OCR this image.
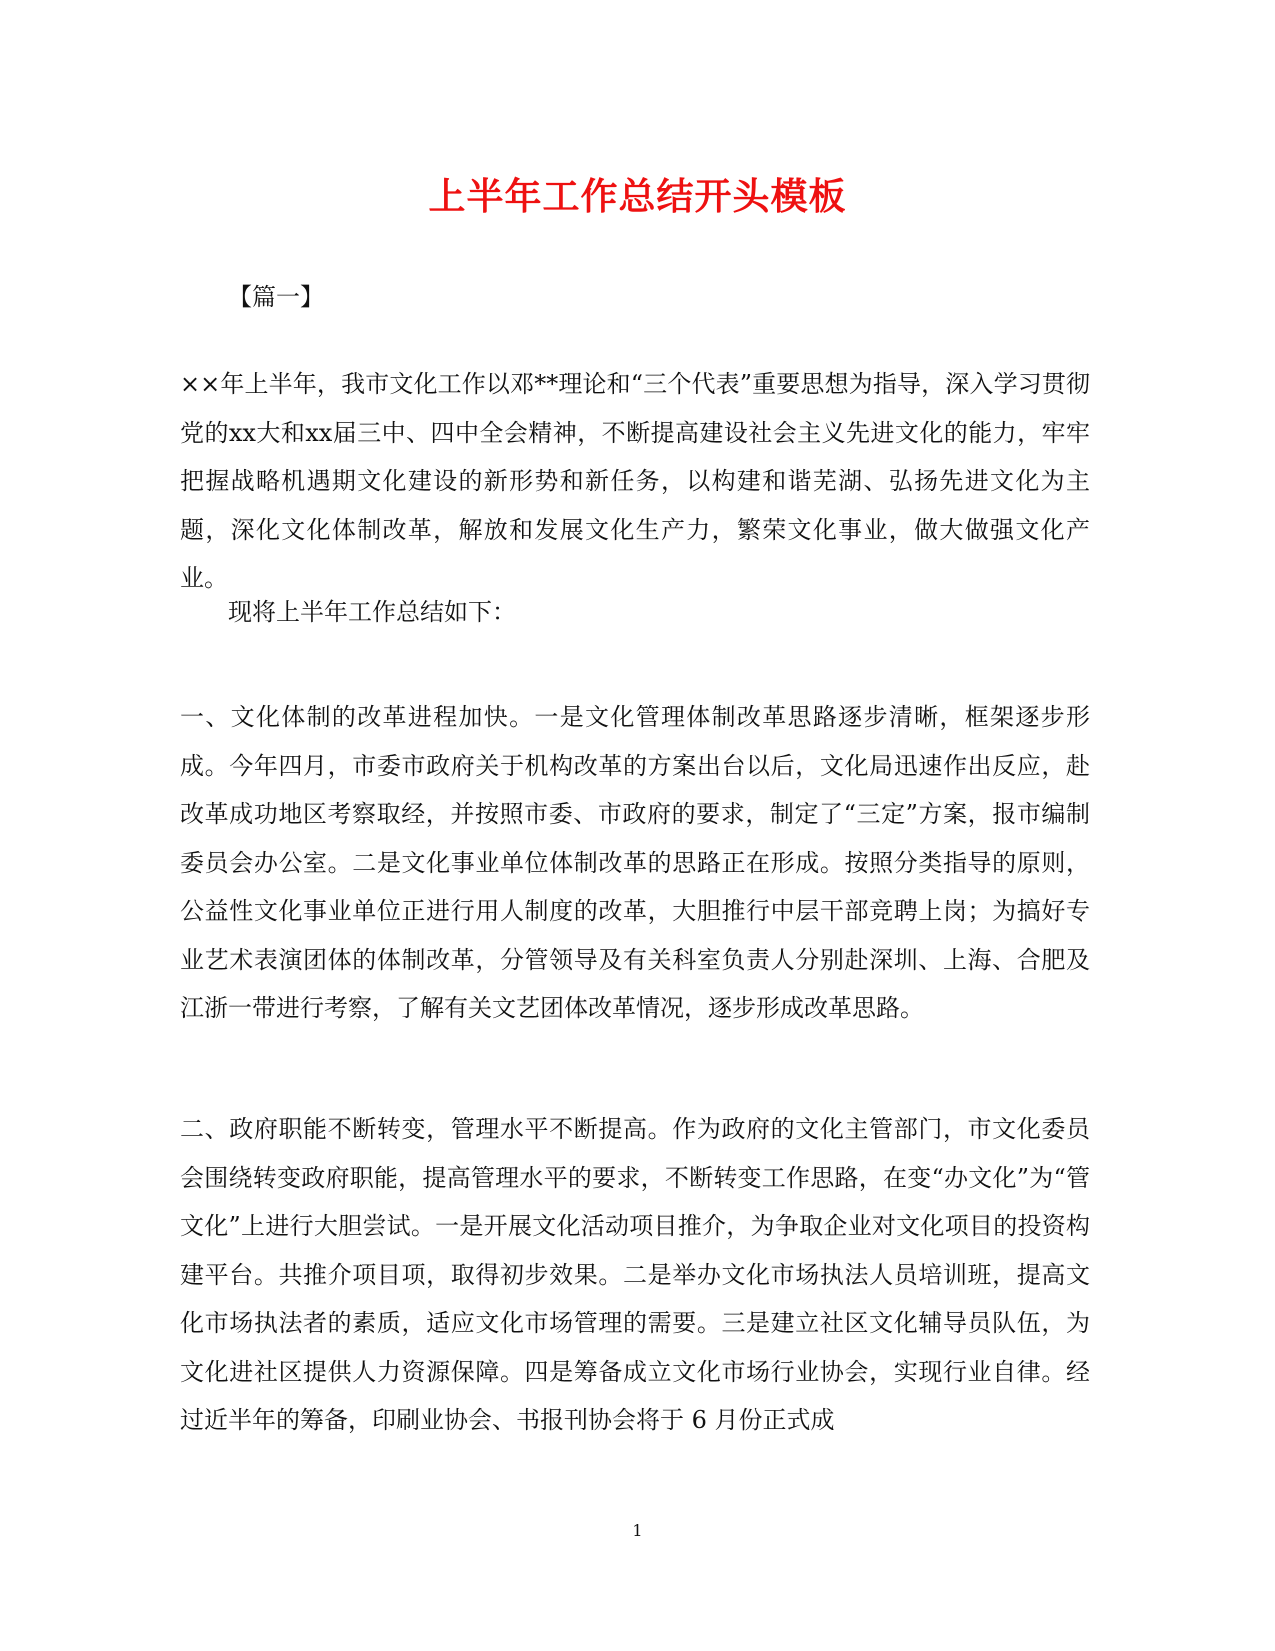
上半年工作总结开头模板
【篇一】

××年上半年，我市文化工作以邓**理论和“三个代表”重要思想为指导，深入学习贯彻党的xx大和xx届三中、四中全会精神，不断提高建设社会主义先进文化的能力，牢牢把握战略机遇期文化建设的新形势和新任务，以构建和谐芜湖、弘扬先进文化为主题，深化文化体制改革，解放和发展文化生产力，繁荣文化事业，做大做强文化产业。

现将上半年工作总结如下：

一、文化体制的改革进程加快。一是文化管理体制改革思路逐步清晰，框架逐步形成。今年四月，市委市政府关于机构改革的方案出台以后，文化局迅速作出反应，赴改革成功地区考察取经，并按照市委、市政府的要求，制定了“三定”方案，报市编制委员会办公室。二是文化事业单位体制改革的思路正在形成。按照分类指导的原则，公益性文化事业单位正进行用人制度的改革，大胆推行中层干部竞聘上岗；为搞好专业艺术表演团体的体制改革，分管领导及有关科室负责人分别赴深圳、上海、合肥及江浙一带进行考察，了解有关文艺团体改革情况，逐步形成改革思路。

二、政府职能不断转变，管理水平不断提高。作为政府的文化主管部门，市文化委员会围绕转变政府职能，提高管理水平的要求，不断转变工作思路，在变“办文化”为“管文化”上进行大胆尝试。一是开展文化活动项目推介，为争取企业对文化项目的投资构建平台。共推介项目项，取得初步效果。二是举办文化市场执法人员培训班，提高文化市场执法者的素质，适应文化市场管理的需要。三是建立社区文化辅导员队伍，为文化进社区提供人力资源保障。四是筹备成立文化市场行业协会，实现行业自律。经过近半年的筹备，印刷业协会、书报刊协会将于 6 月份正式成

1
